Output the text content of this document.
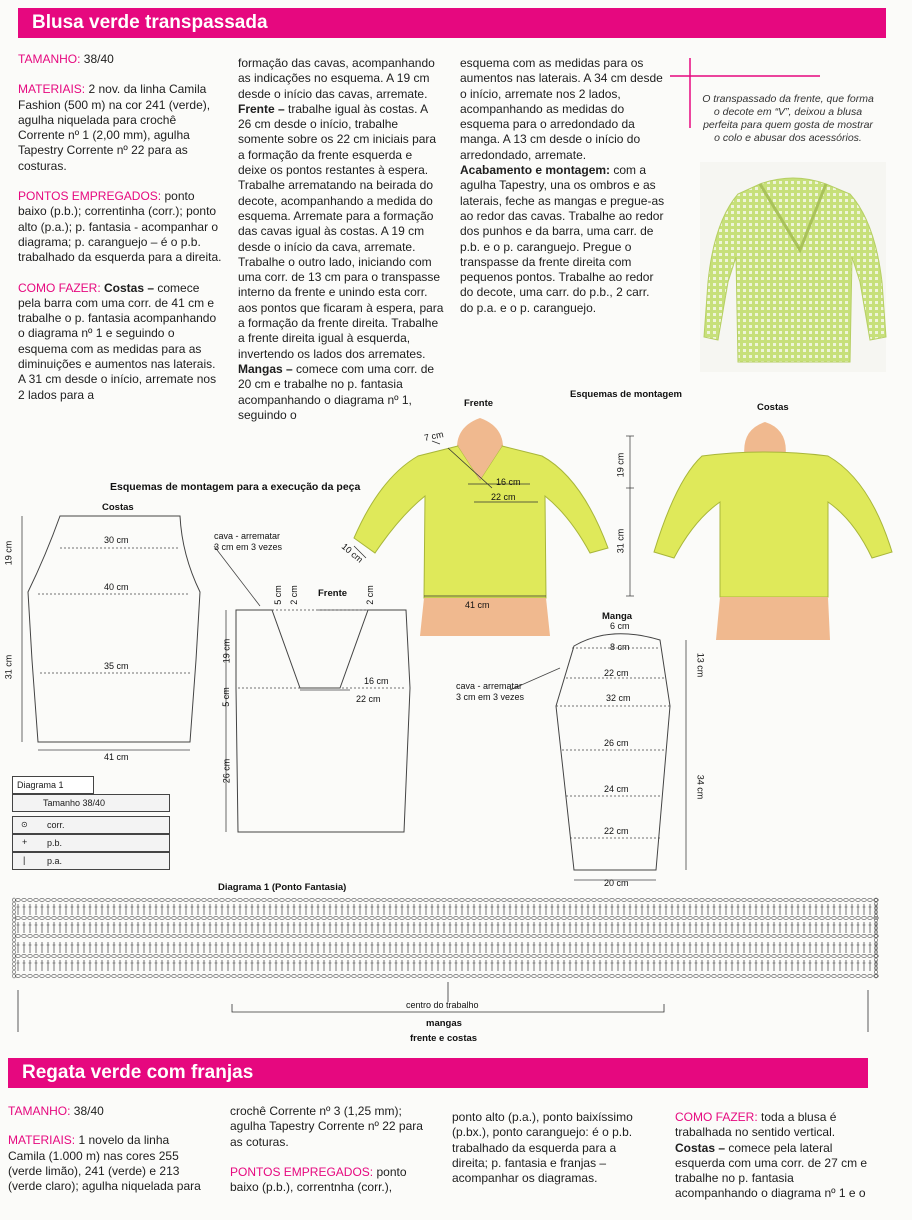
Blusa verde transpassada

TAMANHO: 38/40

MATERIAIS: 2 nov. da linha Camila Fashion (500 m) na cor 241 (verde), agulha niquelada para crochê Corrente nº 1 (2,00 mm), agulha Tapestry Corrente nº 22 para as costuras.

PONTOS EMPREGADOS: ponto baixo (p.b.); correntinha (corr.); ponto alto (p.a.); p. fantasia - acompanhar o diagrama; p. caranguejo – é o p.b. trabalhado da esquerda para a direita.

COMO FAZER: Costas – comece pela barra com uma corr. de 41 cm e trabalhe o p. fantasia acompanhando o diagrama nº 1 e seguindo o esquema com as medidas para as diminuições e aumentos nas laterais. A 31 cm desde o início, arremate nos 2 lados para a

formação das cavas, acompanhando as indicações no esquema. A 19 cm desde o início das cavas, arremate.
Frente – trabalhe igual às costas. A 26 cm desde o início, trabalhe somente sobre os 22 cm iniciais para a formação da frente esquerda e deixe os pontos restantes à espera. Trabalhe arrematando na beirada do decote, acompanhando a medida do esquema. Arremate para a formação das cavas igual às costas. A 19 cm desde o início da cava, arremate. Trabalhe o outro lado, iniciando com uma corr. de 13 cm para o transpasse interno da frente e unindo esta corr. aos pontos que ficaram à espera, para a formação da frente direita. Trabalhe a frente direita igual à esquerda, invertendo os lados dos arremates. Mangas – comece com uma corr. de 20 cm e trabalhe no p. fantasia acompanhando o diagrama nº 1, seguindo o
esquema com as medidas para os aumentos nas laterais. A 34 cm desde o início, arremate nos 2 lados, acompanhando as medidas do esquema para o arredondado da manga. A 13 cm desde o início do arredondado, arremate.
Acabamento e montagem: com a agulha Tapestry, una os ombros e as laterais, feche as mangas e pregue-as ao redor das cavas. Trabalhe ao redor dos punhos e da barra, uma carr. de p.b. e o p. caranguejo. Pregue o transpasse da frente direita com pequenos pontos. Trabalhe ao redor do decote, uma carr. do p.b., 2 carr. do p.a. e o p. caranguejo.
O transpassado da frente, que forma o decote em “V”, deixou a blusa perfeita para quem gosta de mostrar o colo e abusar dos acessórios.
Esquemas de montagem
Frente	Costas
7 cm
16 cm
22 cm
10 cm
41 cm
19 cm
31 cm
Esquemas de montagem para a execução da peça
Costas
30 cm
40 cm
35 cm
41 cm
19 cm
31 cm
cava - arrematar
3 cm em 3 vezes
Frente
5 cm 2 cm	2 cm
19 cm
5 cm
26 cm
16 cm
22 cm
Manga
6 cm
8 cm
22 cm
32 cm
26 cm
24 cm
22 cm
20 cm
13 cm
34 cm
cava - arrematar
3 cm em 3 vezes
Diagrama 1
Tamanho 38/40
⊙ corr.
+ p.b.
| p.a.
Diagrama 1 (Ponto Fantasia)
centro do trabalho
mangas
frente e costas
Regata verde com franjas

TAMANHO: 38/40

MATERIAIS: 1 novelo da linha Camila (1.000 m) nas cores 255 (verde limão), 241 (verde) e 213 (verde claro); agulha niquelada para

crochê Corrente nº 3 (1,25 mm); agulha Tapestry Corrente nº 22 para as coturas.

PONTOS EMPREGADOS: ponto baixo (p.b.), correntnha (corr.),

ponto alto (p.a.), ponto baixíssimo (p.bx.), ponto caranguejo: é o p.b. trabalhado da esquerda para a direita; p. fantasia e franjas – acompanhar os diagramas.
COMO FAZER: toda a blusa é trabalhada no sentido vertical.
Costas – comece pela lateral esquerda com uma corr. de 27 cm e trabalhe no p. fantasia acompanhando o diagrama nº 1 e o
